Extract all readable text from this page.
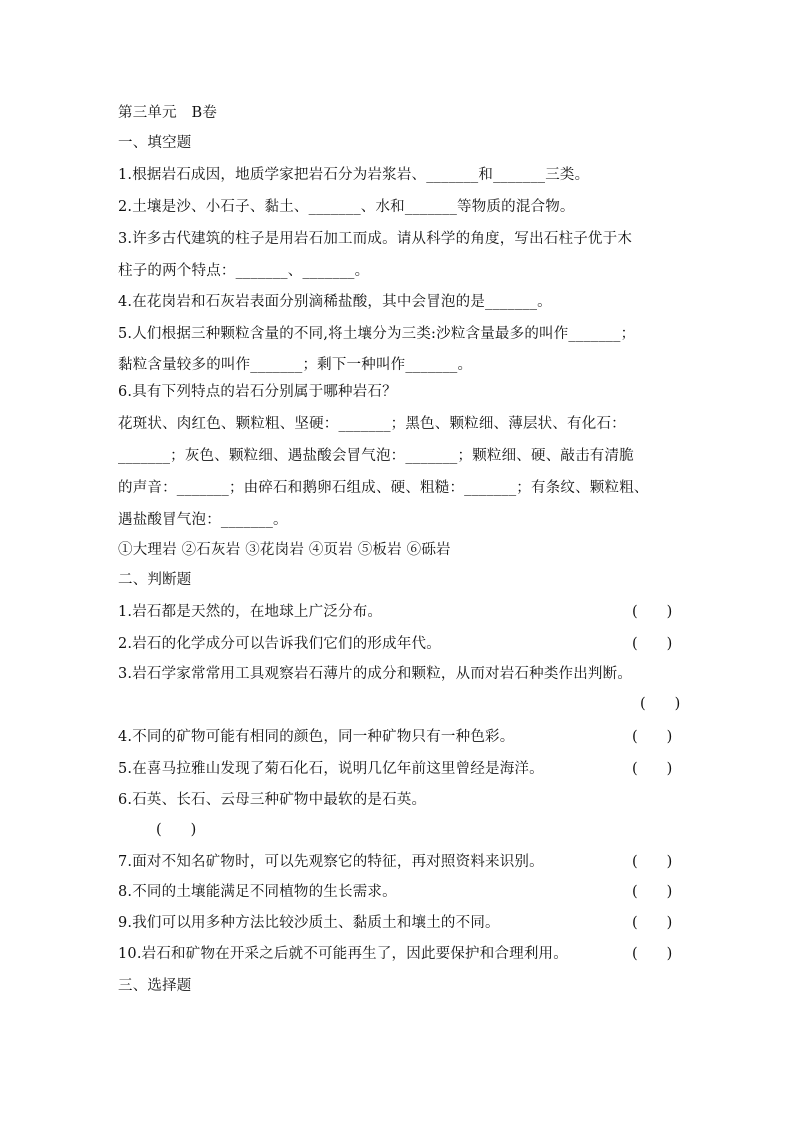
第三单元　B卷
一、填空题
1.根据岩石成因，地质学家把岩石分为岩浆岩、_______和_______三类。
2.土壤是沙、小石子、黏土、_______、水和_______等物质的混合物。
3.许多古代建筑的柱子是用岩石加工而成。请从科学的角度，写出石柱子优于木
柱子的两个特点：_______、_______。
4.在花岗岩和石灰岩表面分别滴稀盐酸，其中会冒泡的是_______。
5.人们根据三种颗粒含量的不同,将土壤分为三类:沙粒含量最多的叫作_______；
黏粒含量较多的叫作_______；剩下一种叫作_______。
6.具有下列特点的岩石分别属于哪种岩石？
花斑状、肉红色、颗粒粗、坚硬：_______；黑色、颗粒细、薄层状、有化石：
_______；灰色、颗粒细、遇盐酸会冒气泡：_______；颗粒细、硬、敲击有清脆
的声音：_______；由碎石和鹅卵石组成、硬、粗糙：_______；有条纹、颗粒粗、
遇盐酸冒气泡：_______。
①大理岩 ②石灰岩 ③花岗岩 ④页岩 ⑤板岩 ⑥砾岩
二、判断题
1.岩石都是天然的，在地球上广泛分布。	(　　)
2.岩石的化学成分可以告诉我们它们的形成年代。	(　　)
3.岩石学家常常用工具观察岩石薄片的成分和颗粒，从而对岩石种类作出判断。
(　　)
4.不同的矿物可能有相同的颜色，同一种矿物只有一种色彩。	(　　)
5.在喜马拉雅山发现了菊石化石，说明几亿年前这里曾经是海洋。	(　　)
6.石英、长石、云母三种矿物中最软的是石英。
(　　)
7.面对不知名矿物时，可以先观察它的特征，再对照资料来识别。	(　　)
8.不同的土壤能满足不同植物的生长需求。	(　　)
9.我们可以用多种方法比较沙质土、黏质土和壤土的不同。	(　　)
10.岩石和矿物在开采之后就不可能再生了，因此要保护和合理利用。	(　　)
三、选择题
